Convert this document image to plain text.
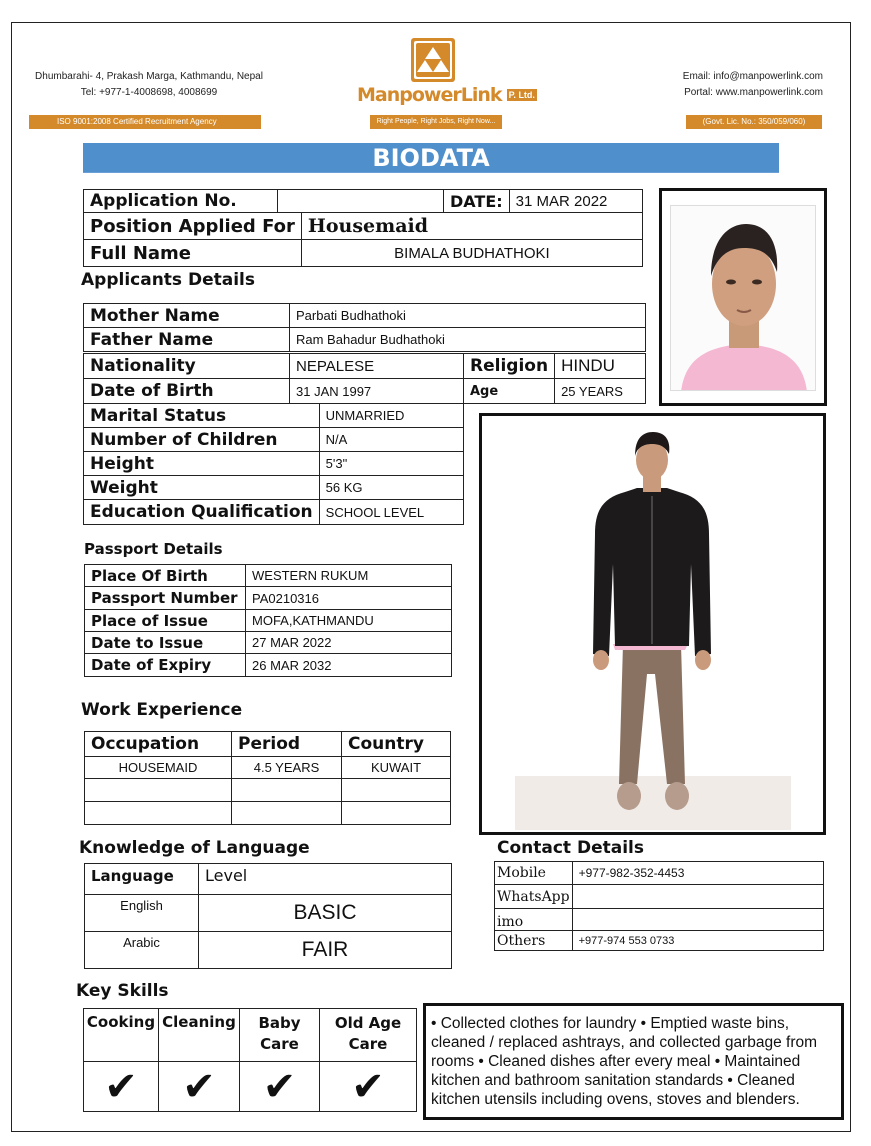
Dhumbarahi- 4, Prakash Marga, Kathmandu, Nepal
Tel: +977-1-4008698, 4008699
ISO 9001:2008 Certified Recruitment Agency
ManpowerLink P. Ltd.
Right People, Right Jobs, Right Now...
Email: info@manpowerlink.com
Portal: www.manpowerlink.com
(Govt. Lic. No.: 350/059/060)
BIODATA
Application No.		DATE:	31 MAR 2022
Position Applied For	Housemaid
Full Name	BIMALA BUDHATHOKI
Applicants Details
Mother Name	Parbati Budhathoki
Father Name	Ram Bahadur Budhathoki
Nationality	NEPALESE	Religion	HINDU
Date of Birth	31 JAN 1997	Age	25 YEARS
Marital Status	UNMARRIED
Number of Children	N/A
Height	5'3"
Weight	56 KG
Education Qualification	SCHOOL LEVEL
Passport Details
Place Of Birth	WESTERN RUKUM
Passport Number	PA0210316
Place of Issue	MOFA,KATHMANDU
Date to Issue	27 MAR 2022
Date of Expiry	26 MAR 2032
Work Experience
Occupation	Period	Country
HOUSEMAID	4.5 YEARS	KUWAIT

Knowledge of Language
Language	Level
English	BASIC
Arabic	FAIR
Contact Details
Mobile	+977-982-352-4453
WhatsApp	
imo	
Others	+977-974 553 0733
Key Skills
Cooking	Cleaning	Baby Care	Old Age Care
✔	✔	✔	✔
• Collected clothes for laundry • Emptied waste bins, cleaned / replaced ashtrays, and collected garbage from rooms • Cleaned dishes after every meal • Maintained kitchen and bathroom sanitation standards • Cleaned kitchen utensils including ovens, stoves and blenders.
